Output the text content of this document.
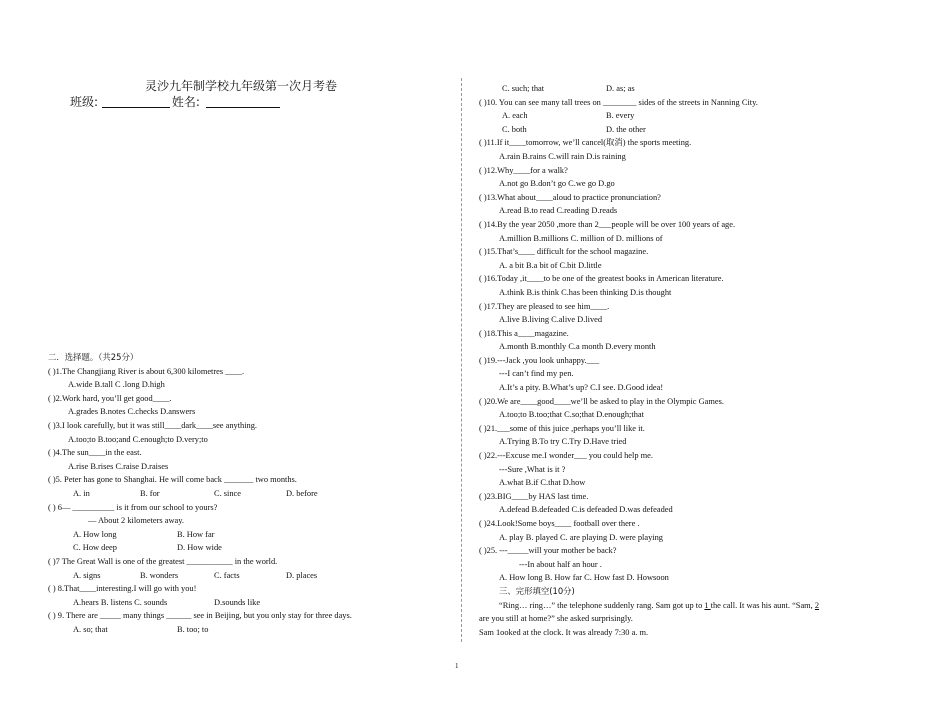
灵沙九年制学校九年级第一次月考卷
班级:	姓名:
二．选择题。（共25分）
( )1.The Changjiang River is about 6,300 kilometres ____.
A.wide B.tall C .long D.high
( )2.Work hard, you’ll get good____.
A.grades B.notes C.checks D.answers
( )3.I look carefully, but it was still____dark____see anything.
A.too;to B.too;and C.enough;to D.very;to
( )4.The sun____in the east.
A.rise B.rises C.raise D.raises
( )5. Peter has gone to Shanghai. He will come back _______ two months.
A. in	B. for	C. since	D. before
( ) 6— __________ is it from our school to yours?
— About 2 kilometers away.
A. How long	B. How far
C. How deep	D. How wide
( )7 The Great Wall is one of the greatest ___________ in the world.
A. signs	B. wonders	C. facts	D. places
( ) 8.That____interesting.I will go with you!
A.hears B. listens C. sounds	D.sounds like
( ) 9. There are _____ many things ______ see in Beijing, but you only stay for three days.
A. so; that	B. too; to
C. such; that	D. as; as
( )10. You can see many tall trees on ________ sides of the streets in Nanning City.
A. each	B. every
C. both	D. the other
( )11.If it____tomorrow, we’ll cancel(取消) the sports meeting.
A.rain B.rains C.will rain D.is raining
( )12.Why____for a walk?
A.not go B.don’t go C.we go D.go
( )13.What about____aloud to practice pronunciation?
A.read B.to read C.reading D.reads
( )14.By the year 2050 ,more than 2___people will be over 100 years of age.
A.million B.millions C. million of D. millions of
( )15.That’s____ difficult for the school magazine.
A. a bit B.a bit of C.bit D.little
( )16.Today ,it____to be one of the greatest books in American literature.
A.think B.is think C.has been thinking D.is thought
( )17.They are pleased to see him____.
A.live B.living C.alive D.lived
( )18.This a____magazine.
A.month B.monthly C.a month D.every month
( )19.---Jack ,you look unhappy.___
---I can’t find my pen.
A.It’s a pity. B.What’s up? C.I see. D.Good idea!
( )20.We are____good____we’ll be asked to play in the Olympic Games.
A.too;to B.too;that C.so;that D.enough;that
( )21.___some of this juice ,perhaps you’ll like it.
A.Trying B.To try C.Try D.Have tried
( )22.---Excuse me.I wonder___ you could help me.
---Sure ,What is it ?
A.what B.if C.that D.how
( )23.BIG____by HAS last time.
A.defead B.defeaded C.is defeaded D.was defeaded
( )24.Look!Some boys____ football over there .
A. play B. played C. are playing D. were playing
( )25. ---_____will your mother be back?
---In about half an hour .
A. How long B. How far C. How fast D. Howsoon
三、完形填空(10分)
“Ring… ring…” the telephone suddenly rang. Sam got up to 1 the call. It was his aunt. “Sam, 2
are you still at home?” she asked surprisingly.
Sam 1ooked at the clock. It was already 7:30 a. m.
1
